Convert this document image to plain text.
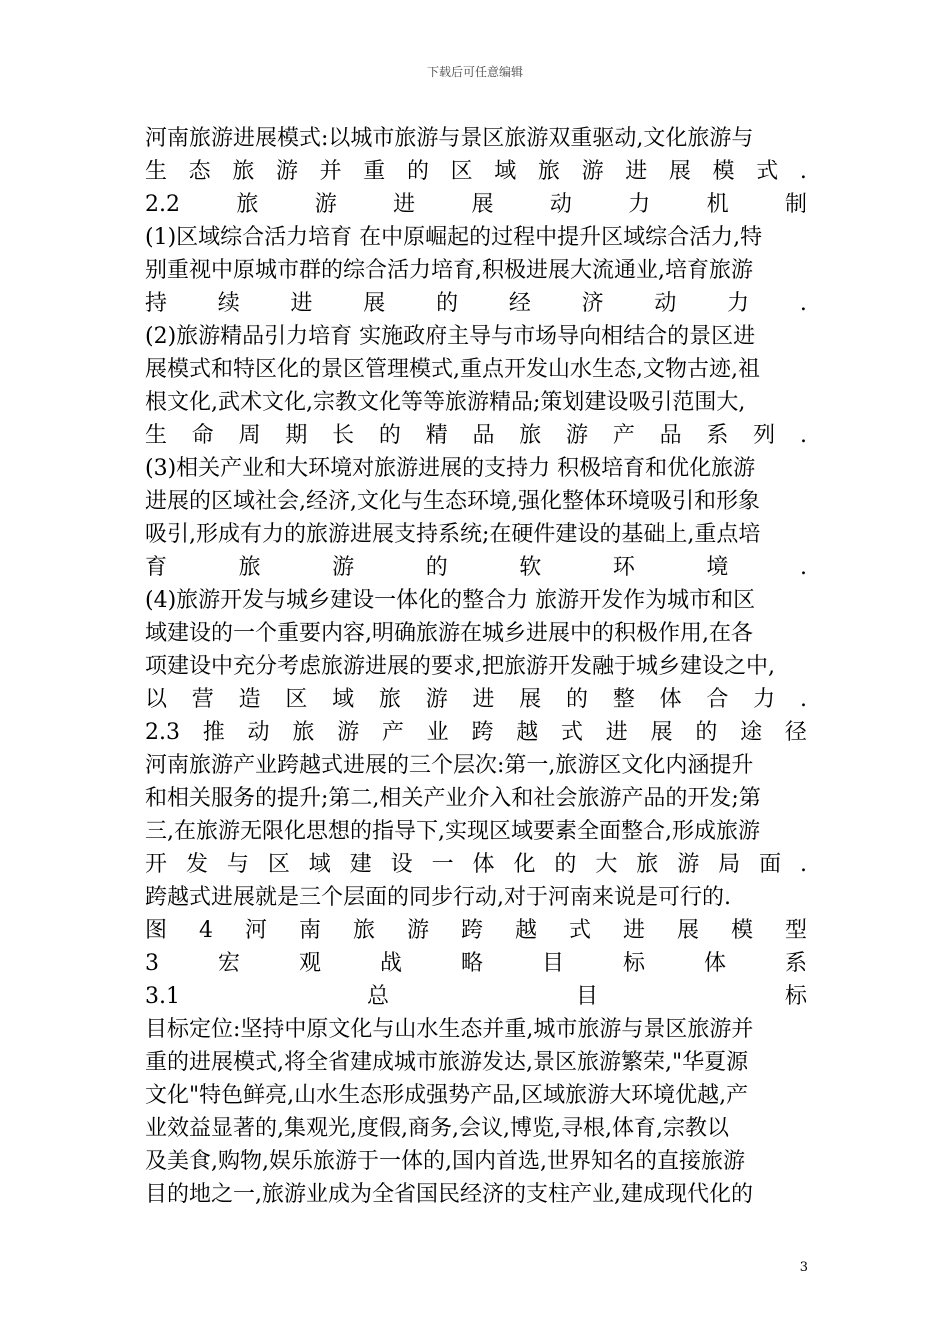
下载后可任意编辑
河南旅游进展模式:以城市旅游与景区旅游双重驱动,文化旅游与
生 态 旅 游 并 重 的 区 域 旅 游 进 展 模 式 .
2.2	旅	游	进	展	动	力	机	制
(1)区域综合活力培育 在中原崛起的过程中提升区域综合活力,特
别重视中原城市群的综合活力培育,积极进展大流通业,培育旅游
持 续 进 展 的 经 济 动 力 .
(2)旅游精品引力培育 实施政府主导与市场导向相结合的景区进
展模式和特区化的景区管理模式,重点开发山水生态,文物古迹,祖
根文化,武术文化,宗教文化等等旅游精品;策划建设吸引范围大,
生 命 周 期 长 的 精 品 旅 游 产 品 系 列 .
(3)相关产业和大环境对旅游进展的支持力 积极培育和优化旅游
进展的区域社会,经济,文化与生态环境,强化整体环境吸引和形象
吸引,形成有力的旅游进展支持系统;在硬件建设的基础上,重点培
育	旅	游	的	软	环	境	.
(4)旅游开发与城乡建设一体化的整合力 旅游开发作为城市和区
域建设的一个重要内容,明确旅游在城乡进展中的积极作用,在各
项建设中充分考虑旅游进展的要求,把旅游开发融于城乡建设之中,
以 营 造 区 域 旅 游 进 展 的 整 体 合 力 .
2.3 推 动 旅 游 产 业 跨 越 式 进 展 的 途 径
河南旅游产业跨越式进展的三个层次:第一,旅游区文化内涵提升
和相关服务的提升;第二,相关产业介入和社会旅游产品的开发;第
三,在旅游无限化思想的指导下,实现区域要素全面整合,形成旅游
开 发 与 区 域 建 设 一 体 化 的 大 旅 游 局 面 .
跨越式进展就是三个层面的同步行动,对于河南来说是可行的.
图 4 河 南 旅 游 跨 越 式 进 展 模 型
3	宏	观	战	略	目	标	体	系
3.1	总	目	标
目标定位:坚持中原文化与山水生态并重,城市旅游与景区旅游并
重的进展模式,将全省建成城市旅游发达,景区旅游繁荣,"华夏源
文化"特色鲜亮,山水生态形成强势产品,区域旅游大环境优越,产
业效益显著的,集观光,度假,商务,会议,博览,寻根,体育,宗教以
及美食,购物,娱乐旅游于一体的,国内首选,世界知名的直接旅游
目的地之一,旅游业成为全省国民经济的支柱产业,建成现代化的
3
